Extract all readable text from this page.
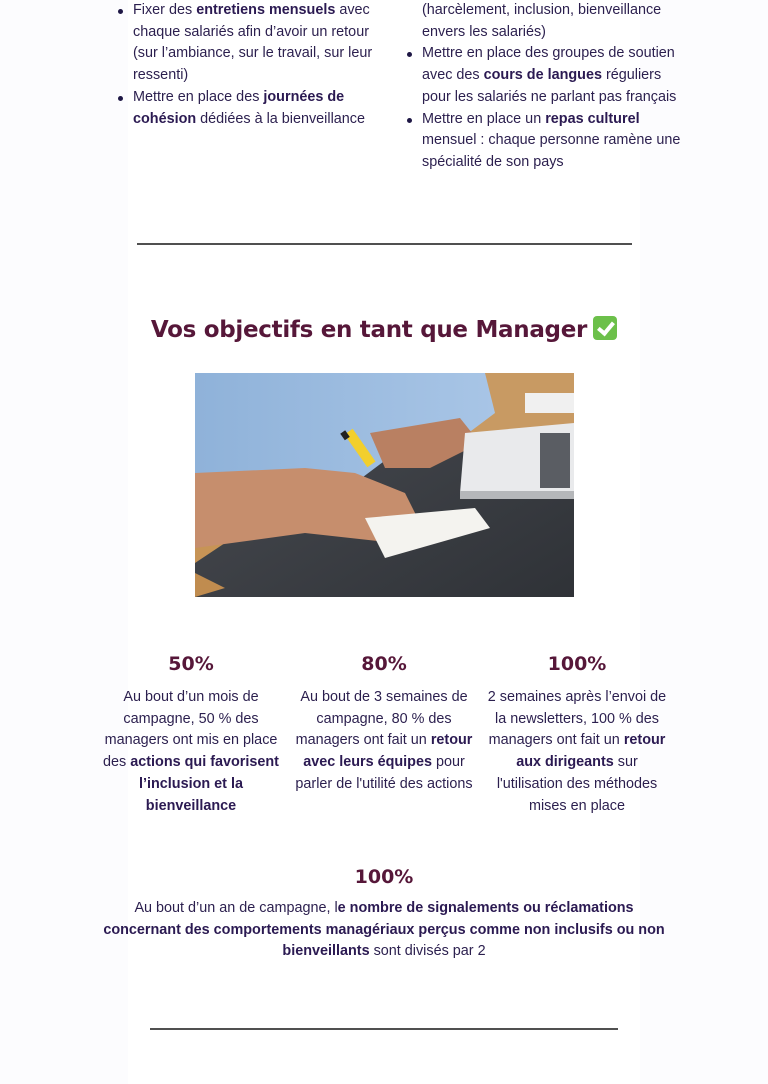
Fixer des entretiens mensuels avec chaque salariés afin d’avoir un retour (sur l’ambiance, sur le travail, sur leur ressenti)
Mettre en place des journées de cohésion dédiées à la bienveillance
(harcèlement, inclusion, bienveillance envers les salariés)
Mettre en place des groupes de soutien avec des cours de langues réguliers pour les salariés ne parlant pas français
Mettre en place un repas culturel mensuel : chaque personne ramène une spécialité de son pays
Vos objectifs en tant que Manager
50%
Au bout d’un mois de campagne, 50 % des managers ont mis en place des actions qui favorisent l’inclusion et la bienveillance
80%
Au bout de 3 semaines de campagne, 80 % des managers ont fait un retour avec leurs équipes pour parler de l'utilité des actions
100%
2 semaines après l’envoi de la newsletters, 100 % des managers ont fait un retour aux dirigeants sur l'utilisation des méthodes mises en place
100%
Au bout d’un an de campagne, le nombre de signalements ou réclamations concernant des comportements managériaux perçus comme non inclusifs ou non bienveillants sont divisés par 2
